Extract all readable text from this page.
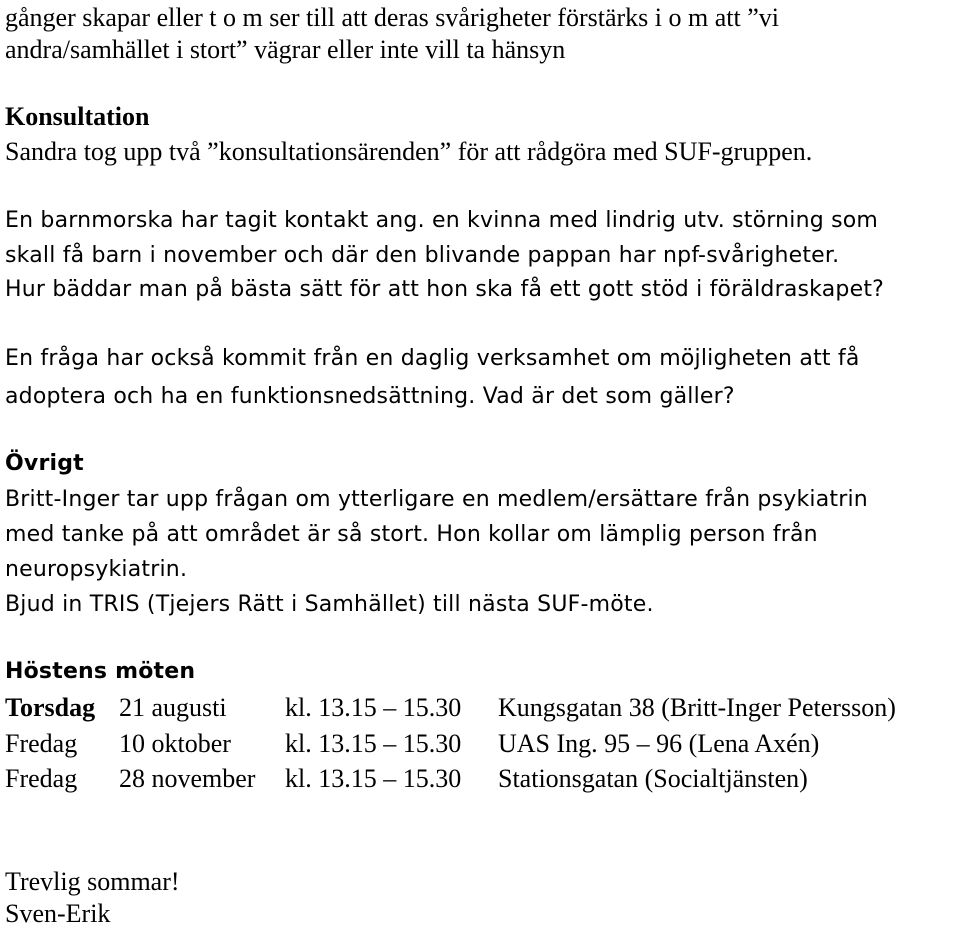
gånger skapar eller t o m ser till att deras svårigheter förstärks i o m att ”vi
andra/samhället i stort” vägrar eller inte vill ta hänsyn
Konsultation
Sandra tog upp två ”konsultationsärenden” för att rådgöra med SUF-gruppen.
En barnmorska har tagit kontakt ang. en kvinna med lindrig utv. störning som
skall få barn i november och där den blivande pappan har npf-svårigheter.
Hur bäddar man på bästa sätt för att hon ska få ett gott stöd i föräldraskapet?
En fråga har också kommit från en daglig verksamhet om möjligheten att få
adoptera och ha en funktionsnedsättning. Vad är det som gäller?
Övrigt
Britt-Inger tar upp frågan om ytterligare en medlem/ersättare från psykiatrin
med tanke på att området är så stort. Hon kollar om lämplig person från
neuropsykiatrin.
Bjud in TRIS (Tjejers Rätt i Samhället) till nästa SUF-möte.
Höstens möten
Torsdag 21 augusti kl. 13.15 – 15.30 Kungsgatan 38 (Britt-Inger Petersson)
Fredag 10 oktober kl. 13.15 – 15.30 UAS Ing. 95 – 96 (Lena Axén)
Fredag 28 november kl. 13.15 – 15.30 Stationsgatan (Socialtjänsten)
Trevlig sommar!
Sven-Erik
